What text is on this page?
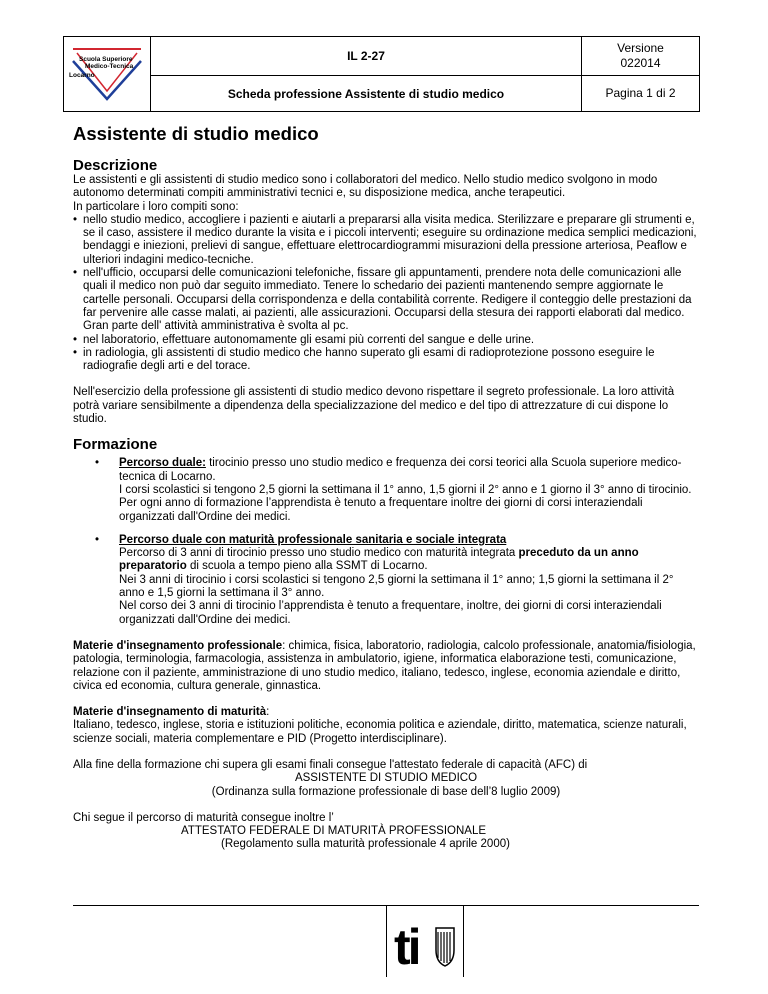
Scuola Superiore
Medico-Tecnica
Locarno	IL 2-27	Versione
022014
	Scheda professione Assistente di studio medico	Pagina 1 di 2
Assistente di studio medico
Descrizione

Le assistenti e gli assistenti di studio medico sono i collaboratori del medico. Nello studio medico svolgono in modo autonomo determinati compiti amministrativi tecnici e, su disposizione medica, anche terapeutici.

In particolare i loro compiti sono:

• nello studio medico, accogliere i pazienti e aiutarli a prepararsi alla visita medica. Sterilizzare e preparare gli strumenti e, se il caso, assistere il medico durante la visita e i piccoli interventi; eseguire su ordinazione medica semplici medicazioni, bendaggi e iniezioni, prelievi di sangue, effettuare elettrocardiogrammi misurazioni della pressione arteriosa, Peaflow e ulteriori indagini medico-tecniche.
• nell'ufficio, occuparsi delle comunicazioni telefoniche, fissare gli appuntamenti, prendere nota delle comunicazioni alle quali il medico non può dar seguito immediato. Tenere lo schedario dei pazienti mantenendo sempre aggiornate le cartelle personali. Occuparsi della corrispondenza e della contabilità corrente. Redigere il conteggio delle prestazioni da far pervenire alle casse malati, ai pazienti, alle assicurazioni. Occuparsi della stesura dei rapporti elaborati dal medico. Gran parte dell' attività amministrativa è svolta al pc.
• nel laboratorio, effettuare autonomamente gli esami più correnti del sangue e delle urine.
• in radiologia, gli assistenti di studio medico che hanno superato gli esami di radioprotezione possono eseguire le radiografie degli arti e del torace.

Nell'esercizio della professione gli assistenti di studio medico devono rispettare il segreto professionale. La loro attività potrà variare sensibilmente a dipendenza della specializzazione del medico e del tipo di attrezzature di cui dispone lo studio.

Formazione
• Percorso duale: tirocinio presso uno studio medico e frequenza dei corsi teorici alla Scuola superiore medico-tecnica di Locarno.
I corsi scolastici si tengono 2,5 giorni la settimana il 1° anno, 1,5 giorni il 2° anno e 1 giorno il 3° anno di tirocinio.
Per ogni anno di formazione l’apprendista è tenuto a frequentare inoltre dei giorni di corsi interaziendali organizzati dall'Ordine dei medici.
• Percorso duale con maturità professionale sanitaria e sociale integrata
Percorso di 3 anni di tirocinio presso uno studio medico con maturità integrata preceduto da un anno preparatorio di scuola a tempo pieno alla SSMT di Locarno.
Nei 3 anni di tirocinio i corsi scolastici si tengono 2,5 giorni la settimana il 1° anno; 1,5 giorni la settimana il 2° anno e 1,5 giorni la settimana il 3° anno.
Nel corso dei 3 anni di tirocinio l’apprendista è tenuto a frequentare, inoltre, dei giorni di corsi interaziendali organizzati dall'Ordine dei medici.

Materie d'insegnamento professionale: chimica, fisica, laboratorio, radiologia, calcolo professionale, anatomia/fisiologia, patologia, terminologia, farmacologia, assistenza in ambulatorio, igiene, informatica elaborazione testi, comunicazione, relazione con il paziente, amministrazione di uno studio medico, italiano, tedesco, inglese, economia aziendale e diritto, civica ed economia, cultura generale, ginnastica.

Materie d'insegnamento di maturità:
Italiano, tedesco, inglese, storia e istituzioni politiche, economia politica e aziendale, diritto, matematica, scienze naturali, scienze sociali, materia complementare e PID (Progetto interdisciplinare).

Alla fine della formazione chi supera gli esami finali consegue l'attestato federale di capacità (AFC) di

ASSISTENTE DI STUDIO MEDICO

(Ordinanza sulla formazione professionale di base dell’8 luglio 2009)

Chi segue il percorso di maturità consegue inoltre l’

ATTESTATO FEDERALE DI MATURITÀ PROFESSIONALE

(Regolamento sulla maturità professionale 4 aprile 2000)

ti
